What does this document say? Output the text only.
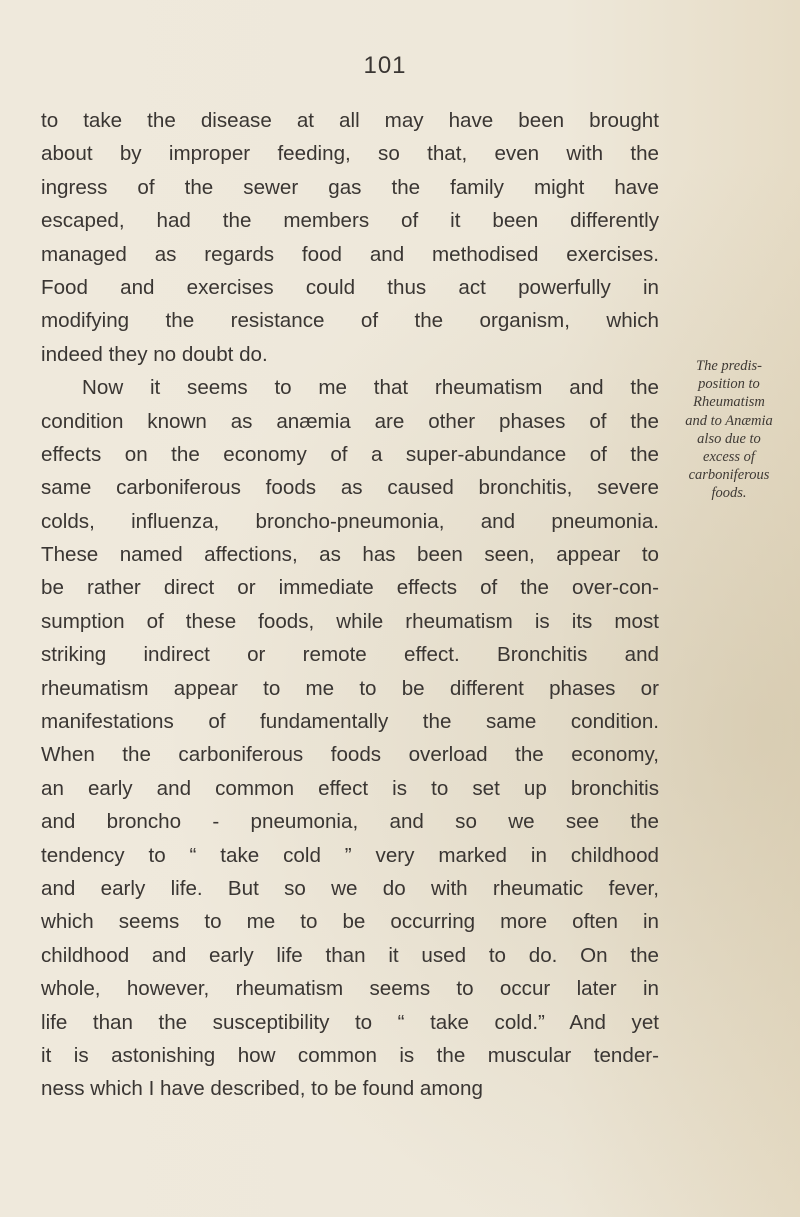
101
to take the disease at all may have been brought
about by improper feeding, so that, even with the
ingress of the sewer gas the family might have
escaped, had the members of it been differently
managed as regards food and methodised exercises.
Food and exercises could thus act powerfully in
modifying the resistance of the organism, which
indeed they no doubt do.
Now it seems to me that rheumatism and the
condition known as anæmia are other phases of the
effects on the economy of a super-abundance of the
same carboniferous foods as caused bronchitis, severe
colds, influenza, broncho-pneumonia, and pneumonia.
These named affections, as has been seen, appear to
be rather direct or immediate effects of the over-con-
sumption of these foods, while rheumatism is its most
striking indirect or remote effect. Bronchitis and
rheumatism appear to me to be different phases or
manifestations of fundamentally the same condition.
When the carboniferous foods overload the economy,
an early and common effect is to set up bronchitis
and broncho - pneumonia, and so we see the
tendency to “ take cold ” very marked in childhood
and early life. But so we do with rheumatic fever,
which seems to me to be occurring more often in
childhood and early life than it used to do. On the
whole, however, rheumatism seems to occur later in
life than the susceptibility to “ take cold.” And yet
it is astonishing how common is the muscular tender-
ness which I have described, to be found among
The predis-
position to
Rheumatism
and to Anæmia
also due to
excess of
carboniferous
foods.
